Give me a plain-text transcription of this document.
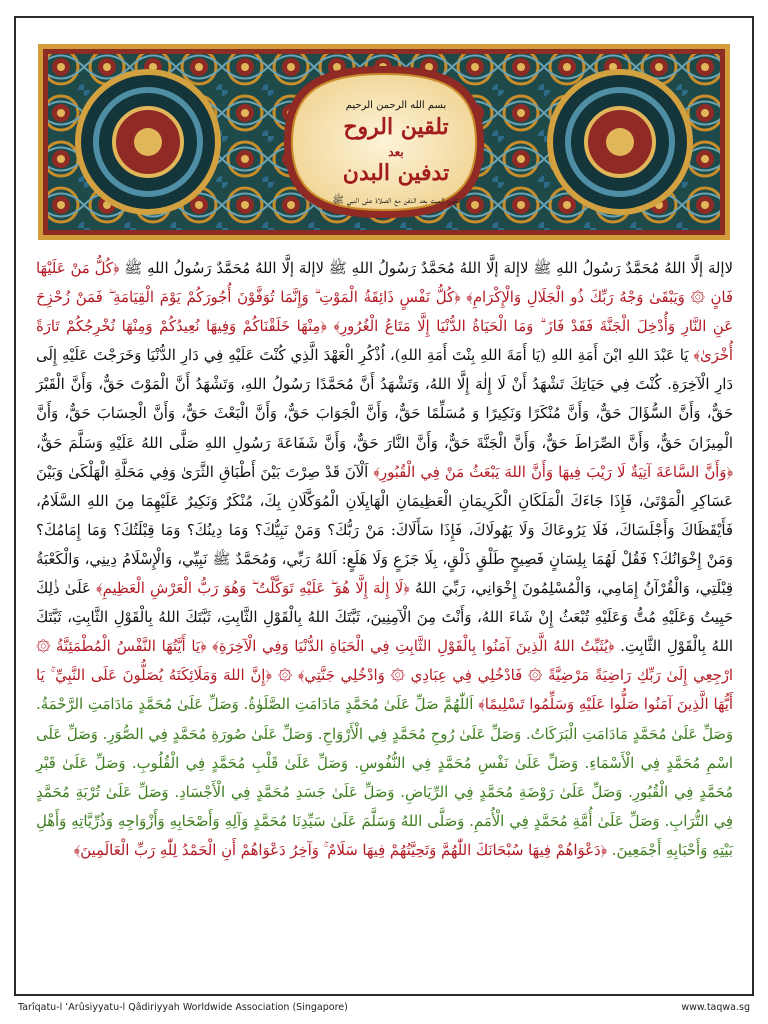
بسم الله الرحمن الرحيم
تلقين الروح
بعد
تدفين البدن
تلقين الميت بعد الدفن مع الصلاة على النبي ﷺ
لاإلهَ إلَّا اللهُ مُحَمَّدٌ رَسُولُ اللهِ ﷺ لاإلهَ إلَّا اللهُ مُحَمَّدٌ رَسُولُ اللهِ ﷺ لاإلهَ إلَّا اللهُ مُحَمَّدٌ رَسُولُ اللهِ ﷺ ﴿كُلُّ مَنْ عَلَيْهَا فَانٍ ۞ وَيَبْقَىٰ وَجْهُ رَبِّكَ ذُو الْجَلَالِ وَالْإِكْرَامِ﴾ ﴿كُلُّ نَفْسٍ ذَائِقَةُ الْمَوْتِ ۗ وَإِنَّمَا تُوَفَّوْنَ أُجُورَكُمْ يَوْمَ الْقِيَامَةِ ۖ فَمَنْ زُحْزِحَ عَنِ النَّارِ وَأُدْخِلَ الْجَنَّةَ فَقَدْ فَازَ ۗ وَمَا الْحَيَاةُ الدُّنْيَا إِلَّا مَتَاعُ الْغُرُورِ﴾ ﴿مِنْهَا خَلَقْنَاكُمْ وَفِيهَا نُعِيدُكُمْ وَمِنْهَا نُخْرِجُكُمْ تَارَةً أُخْرَىٰ﴾ يَا عَبْدَ اللهِ ابْنَ أَمَةِ اللهِ (يَا أَمَةَ اللهِ بِنْتَ أَمَةِ اللهِ)، اُذْكُرِ الْعَهْدَ الَّذِي كُنْتَ عَلَيْهِ فِي دَارِ الدُّنْيَا وَخَرَجْتَ عَلَيْهِ إِلَى دَارِ الْآخِرَةِ. كُنْتَ فِي حَيَاتِكَ تَشْهَدُ أَنْ لَا إِلٰهَ إِلَّا اللهُ، وَتَشْهَدُ أَنَّ مُحَمَّدًا رَسُولُ اللهِ، وَتَشْهَدُ أَنَّ الْمَوْتَ حَقٌّ، وَأَنَّ الْقَبْرَ حَقٌّ، وَأَنَّ السُّؤَالَ حَقٌّ، وَأَنَّ مُنْكَرًا وَنَكِيرًا وَ مُسَلِّمًا حَقٌّ، وَأَنَّ الْجَوَابَ حَقٌّ، وَأَنَّ الْبَعْثَ حَقٌّ، وَأَنَّ الْحِسَابَ حَقٌّ، وَأَنَّ الْمِيزَانَ حَقٌّ، وَأَنَّ الصِّرَاطَ حَقٌّ، وَأَنَّ الْجَنَّةَ حَقٌّ، وَأَنَّ النَّارَ حَقٌّ، وَأَنَّ شَفَاعَةَ رَسُولِ اللهِ صَلَّى اللهُ عَلَيْهِ وَسَلَّمَ حَقٌّ، ﴿وَأَنَّ السَّاعَةَ آتِيَةٌ لَا رَيْبَ فِيهَا وَأَنَّ اللهَ يَبْعَثُ مَنْ فِي الْقُبُورِ﴾ اَلْآنَ قَدْ صِرْتَ بَيْنَ أَطْبَاقِ الثَّرَىٰ وَفِي مَحَلَّةِ الْهَلْكَىٰ وَبَيْنَ عَسَاكِرِ الْمَوْتَىٰ، فَإِذَا جَاءَكَ الْمَلَكَانِ الْكَرِيمَانِ الْعَظِيمَانِ الْهَايِلَانِ الْمُوَكَّلَانِ بِكَ، مُنْكَرٌ وَنَكِيرٌ عَلَيْهِمَا مِنَ اللهِ السَّلَامُ، فَأَيْقَظَاكَ وَأَجْلَسَاكَ، فَلَا يَرُوعَاكَ وَلَا يَهُولَاكَ، فَإِذَا سَأَلَاكَ: مَنْ رَبُّكَ؟ وَمَنْ نَبِيُّكَ؟ وَمَا دِينُكَ؟ وَمَا قِبْلَتُكَ؟ وَمَا إِمَامُكَ؟ وَمَنْ إِخْوَانُكَ؟ فَقُلْ لَهُمَا بِلِسَانٍ فَصِيحٍ طَلْقٍ ذَلْقٍ، بِلَا جَزَعٍ وَلَا هَلَعٍ: اَللهُ رَبِّي، وَمُحَمَّدٌ ﷺ نَبِيِّي، وَالْإِسْلَامُ دِينِي، وَالْكَعْبَةُ قِبْلَتِي، وَالْقُرْآنُ إِمَامِي، وَالْمُسْلِمُونَ إِخْوَانِي، رَبِّيَ اللهُ ﴿لَا إِلٰهَ إِلَّا هُوَ ۖ عَلَيْهِ تَوَكَّلْتُ ۖ وَهُوَ رَبُّ الْعَرْشِ الْعَظِيمِ﴾ عَلَىٰ ذٰلِكَ حَيِيتُ وَعَلَيْهِ مُتُّ وَعَلَيْهِ تُبْعَثُ إِنْ شَاءَ اللهُ، وَأَنْتَ مِنَ الْآمِنِينَ، ثَبَّتَكَ اللهُ بِالْقَوْلِ الثَّابِتِ، ثَبَّتَكَ اللهُ بِالْقَوْلِ الثَّابِتِ، ثَبَّتَكَ اللهُ بِالْقَوْلِ الثَّابِتِ. ﴿يُثَبِّتُ اللهُ الَّذِينَ آمَنُوا بِالْقَوْلِ الثَّابِتِ فِي الْحَيَاةِ الدُّنْيَا وَفِي الْآخِرَةِ﴾ ﴿يَا أَيَّتُهَا النَّفْسُ الْمُطْمَئِنَّةُ ۞ ارْجِعِي إِلَىٰ رَبِّكِ رَاضِيَةً مَرْضِيَّةً ۞ فَادْخُلِي فِي عِبَادِي ۞ وَادْخُلِي جَنَّتِي﴾ ۞ ﴿إِنَّ اللهَ وَمَلَائِكَتَهُ يُصَلُّونَ عَلَى النَّبِيِّ ۚ يَا أَيُّهَا الَّذِينَ آمَنُوا صَلُّوا عَلَيْهِ وَسَلِّمُوا تَسْلِيمًا﴾ اَللّٰهُمَّ صَلِّ عَلَىٰ مُحَمَّدٍ مَادَامَتِ الصَّلَوٰةُ. وَصَلِّ عَلَىٰ مُحَمَّدٍ مَادَامَتِ الرَّحْمَةُ. وَصَلِّ عَلَىٰ مُحَمَّدٍ مَادَامَتِ الْبَرَكَاتُ. وَصَلِّ عَلَىٰ رُوحِ مُحَمَّدٍ فِي الْأَرْوَاحِ. وَصَلِّ عَلَىٰ صُورَةِ مُحَمَّدٍ فِي الصُّوَرِ. وَصَلِّ عَلَى اسْمِ مُحَمَّدٍ فِي الْأَسْمَاءِ. وَصَلِّ عَلَىٰ نَفْسِ مُحَمَّدٍ فِي النُّفُوسِ. وَصَلِّ عَلَىٰ قَلْبِ مُحَمَّدٍ فِي الْقُلُوبِ. وَصَلِّ عَلَىٰ قَبْرِ مُحَمَّدٍ فِي الْقُبُورِ. وَصَلِّ عَلَىٰ رَوْضَةِ مُحَمَّدٍ فِي الرِّيَاضِ. وَصَلِّ عَلَىٰ جَسَدِ مُحَمَّدٍ فِي الْأَجْسَادِ. وَصَلِّ عَلَىٰ تُرْبَةِ مُحَمَّدٍ فِي التُّرَابِ. وَصَلِّ عَلَىٰ أُمَّةِ مُحَمَّدٍ فِي الْأُمَمِ. وَصَلَّى اللهُ وَسَلَّمَ عَلَىٰ سَيِّدِنَا مُحَمَّدٍ وَآلِهِ وَأَصْحَابِهِ وَأَزْوَاجِهِ وَذُرِّيَّاتِهِ وَأَهْلِ بَيْتِهِ وَأَحْبَابِهِ أَجْمَعِينَ. ﴿دَعْوَاهُمْ فِيهَا سُبْحَانَكَ اللّٰهُمَّ وَتَحِيَّتُهُمْ فِيهَا سَلَامٌ ۚ وَآخِرُ دَعْوَاهُمْ أَنِ الْحَمْدُ لِلّٰهِ رَبِّ الْعَالَمِينَ﴾
Tarîqatu-l ʻArûsiyyatu-l Qâdiriyyah Worldwide Association (Singapore)	www.taqwa.sg
